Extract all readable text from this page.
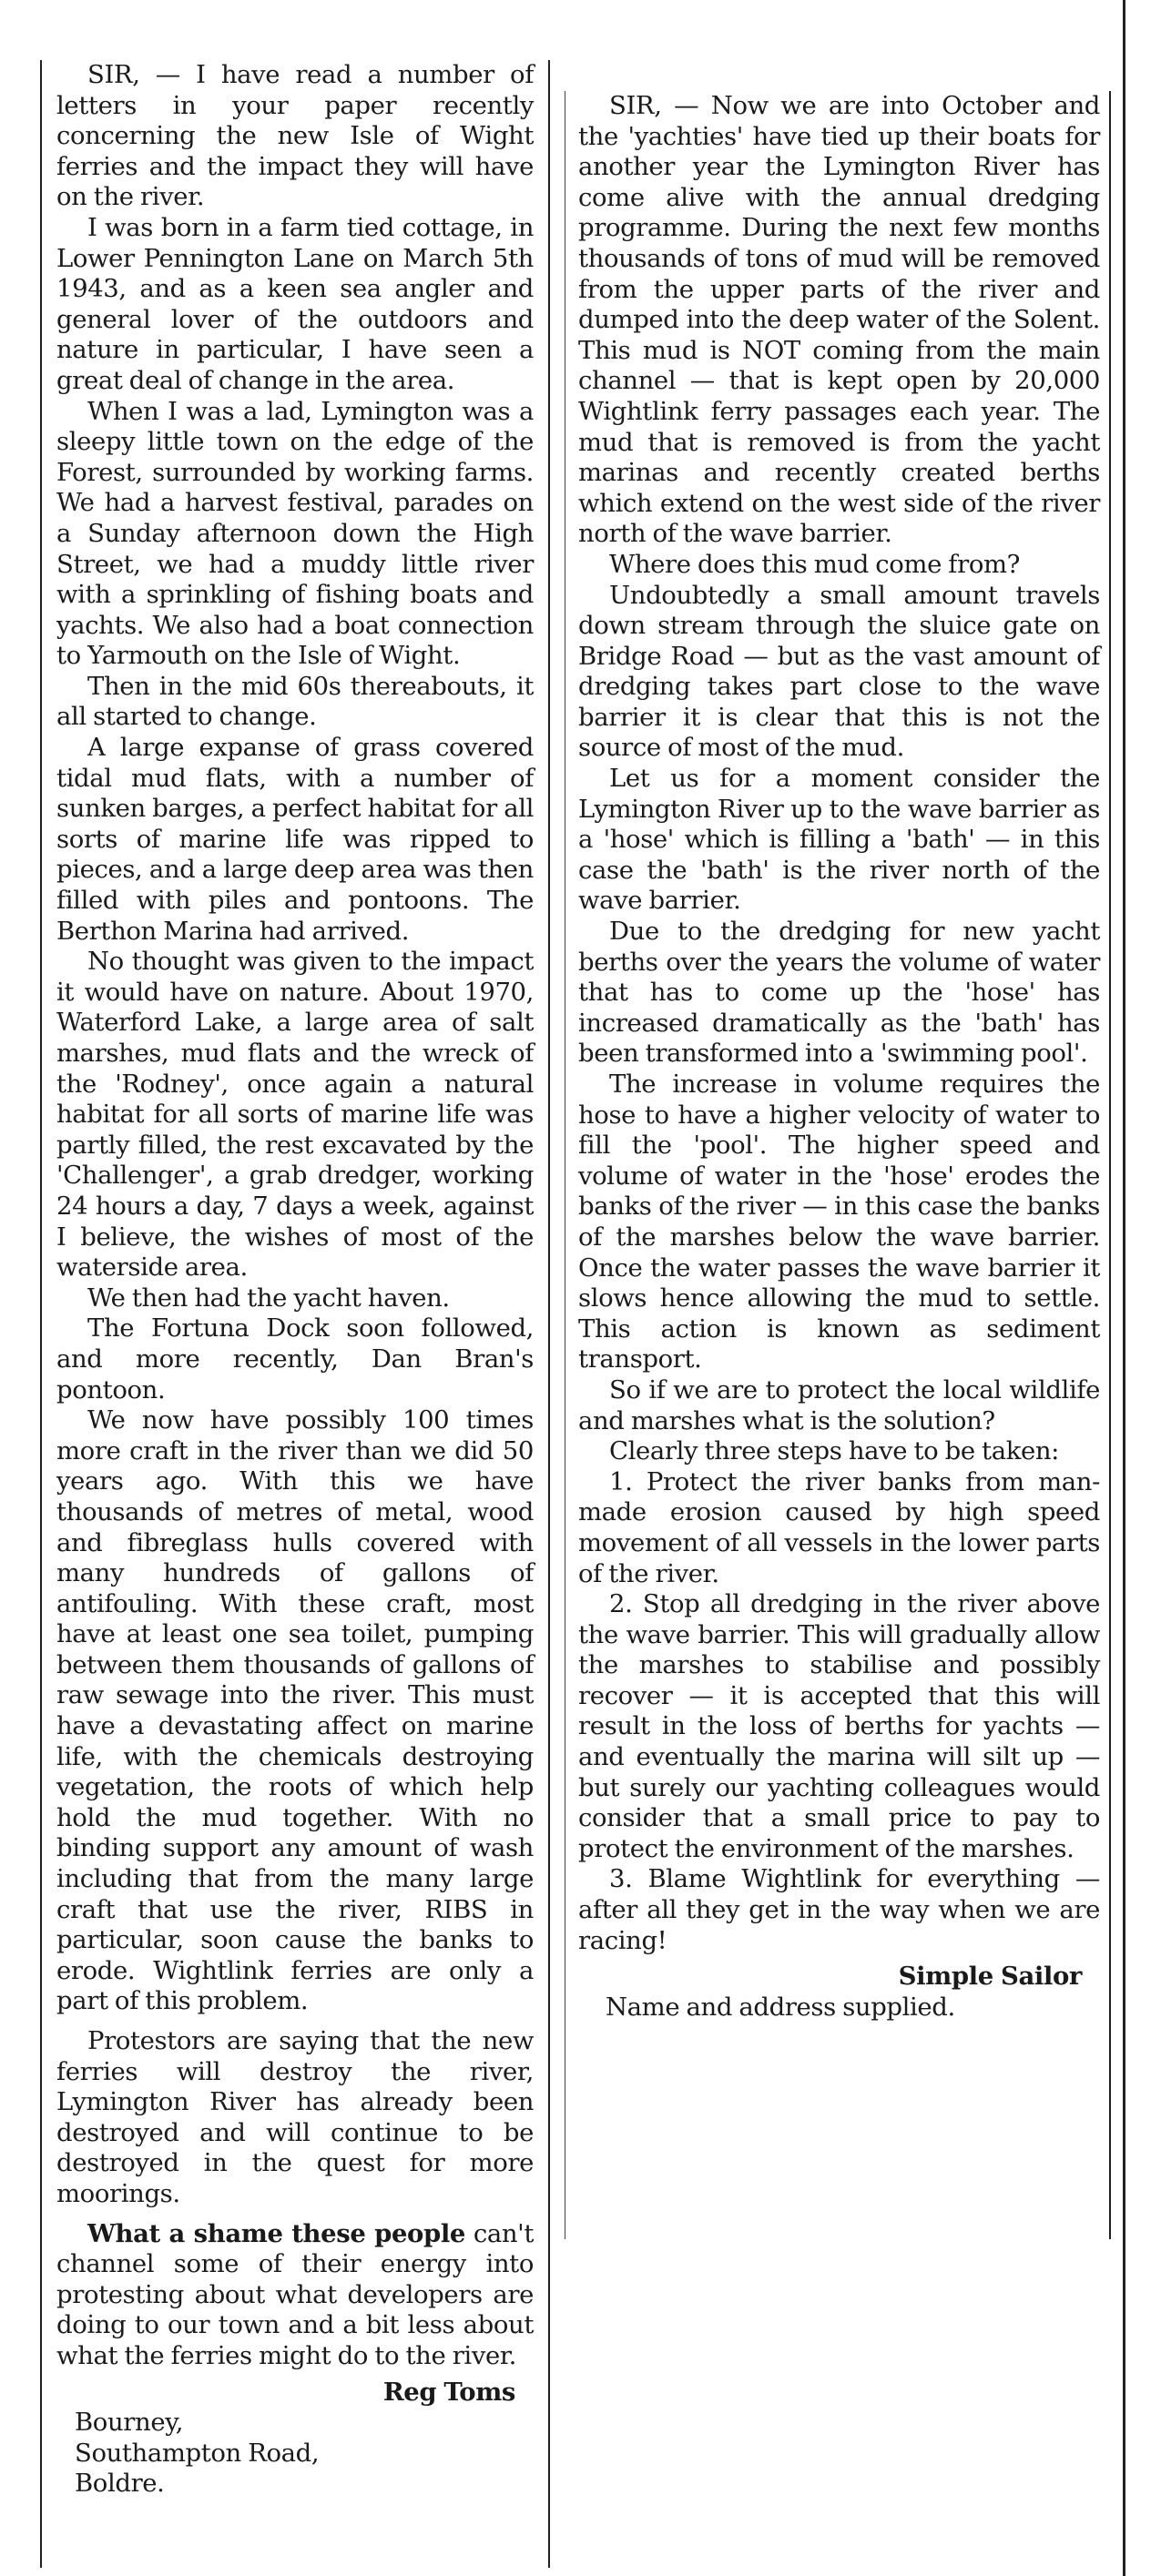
SIR, — I have read a number of letters in your paper recently concerning the new Isle of Wight ferries and the impact they will have on the river.

I was born in a farm tied cottage, in Lower Pennington Lane on March 5th 1943, and as a keen sea angler and general lover of the outdoors and nature in particular, I have seen a great deal of change in the area.

When I was a lad, Lymington was a sleepy little town on the edge of the Forest, surrounded by working farms. We had a harvest festival, parades on a Sunday afternoon down the High Street, we had a muddy little river with a sprinkling of fishing boats and yachts. We also had a boat connection to Yarmouth on the Isle of Wight.

Then in the mid 60s thereabouts, it all started to change.

A large expanse of grass covered tidal mud flats, with a number of sunken barges, a perfect habitat for all sorts of marine life was ripped to pieces, and a large deep area was then filled with piles and pontoons. The Berthon Marina had arrived.

No thought was given to the impact it would have on nature. About 1970, Waterford Lake, a large area of salt marshes, mud flats and the wreck of the 'Rodney', once again a natural habitat for all sorts of marine life was partly filled, the rest excavated by the 'Challenger', a grab dredger, working 24 hours a day, 7 days a week, against I believe, the wishes of most of the waterside area.

We then had the yacht haven.

The Fortuna Dock soon followed, and more recently, Dan Bran's pontoon.

We now have possibly 100 times more craft in the river than we did 50 years ago. With this we have thousands of metres of metal, wood and fibreglass hulls covered with many hundreds of gallons of antifouling. With these craft, most have at least one sea toilet, pumping between them thousands of gallons of raw sewage into the river. This must have a devastating affect on marine life, with the chemicals destroying vegetation, the roots of which help hold the mud together. With no binding support any amount of wash including that from the many large craft that use the river, RIBS in particular, soon cause the banks to erode. Wightlink ferries are only a part of this problem.

Protestors are saying that the new ferries will destroy the river, Lymington River has already been destroyed and will continue to be destroyed in the quest for more moorings.

What a shame these people can't channel some of their energy into protesting about what developers are doing to our town and a bit less about what the ferries might do to the river.

Reg Toms

Bourney,

Southampton Road,

Boldre.

SIR, — Now we are into October and the 'yachties' have tied up their boats for another year the Lymington River has come alive with the annual dredging programme. During the next few months thousands of tons of mud will be removed from the upper parts of the river and dumped into the deep water of the Solent. This mud is NOT coming from the main channel — that is kept open by 20,000 Wightlink ferry passages each year. The mud that is removed is from the yacht marinas and recently created berths which extend on the west side of the river north of the wave barrier.

Where does this mud come from?

Undoubtedly a small amount travels down stream through the sluice gate on Bridge Road — but as the vast amount of dredging takes part close to the wave barrier it is clear that this is not the source of most of the mud.

Let us for a moment consider the Lymington River up to the wave barrier as a 'hose' which is filling a 'bath' — in this case the 'bath' is the river north of the wave barrier.

Due to the dredging for new yacht berths over the years the volume of water that has to come up the 'hose' has increased dramatically as the 'bath' has been transformed into a 'swimming pool'.

The increase in volume requires the hose to have a higher velocity of water to fill the 'pool'. The higher speed and volume of water in the 'hose' erodes the banks of the river — in this case the banks of the marshes below the wave barrier. Once the water passes the wave barrier it slows hence allowing the mud to settle. This action is known as sediment transport.

So if we are to protect the local wildlife and marshes what is the solution?

Clearly three steps have to be taken:

1. Protect the river banks from man-made erosion caused by high speed movement of all vessels in the lower parts of the river.

2. Stop all dredging in the river above the wave barrier. This will gradually allow the marshes to stabilise and possibly recover — it is accepted that this will result in the loss of berths for yachts — and eventually the marina will silt up — but surely our yachting colleagues would consider that a small price to pay to protect the environment of the marshes.

3. Blame Wightlink for everything — after all they get in the way when we are racing!

Simple Sailor

Name and address supplied.
